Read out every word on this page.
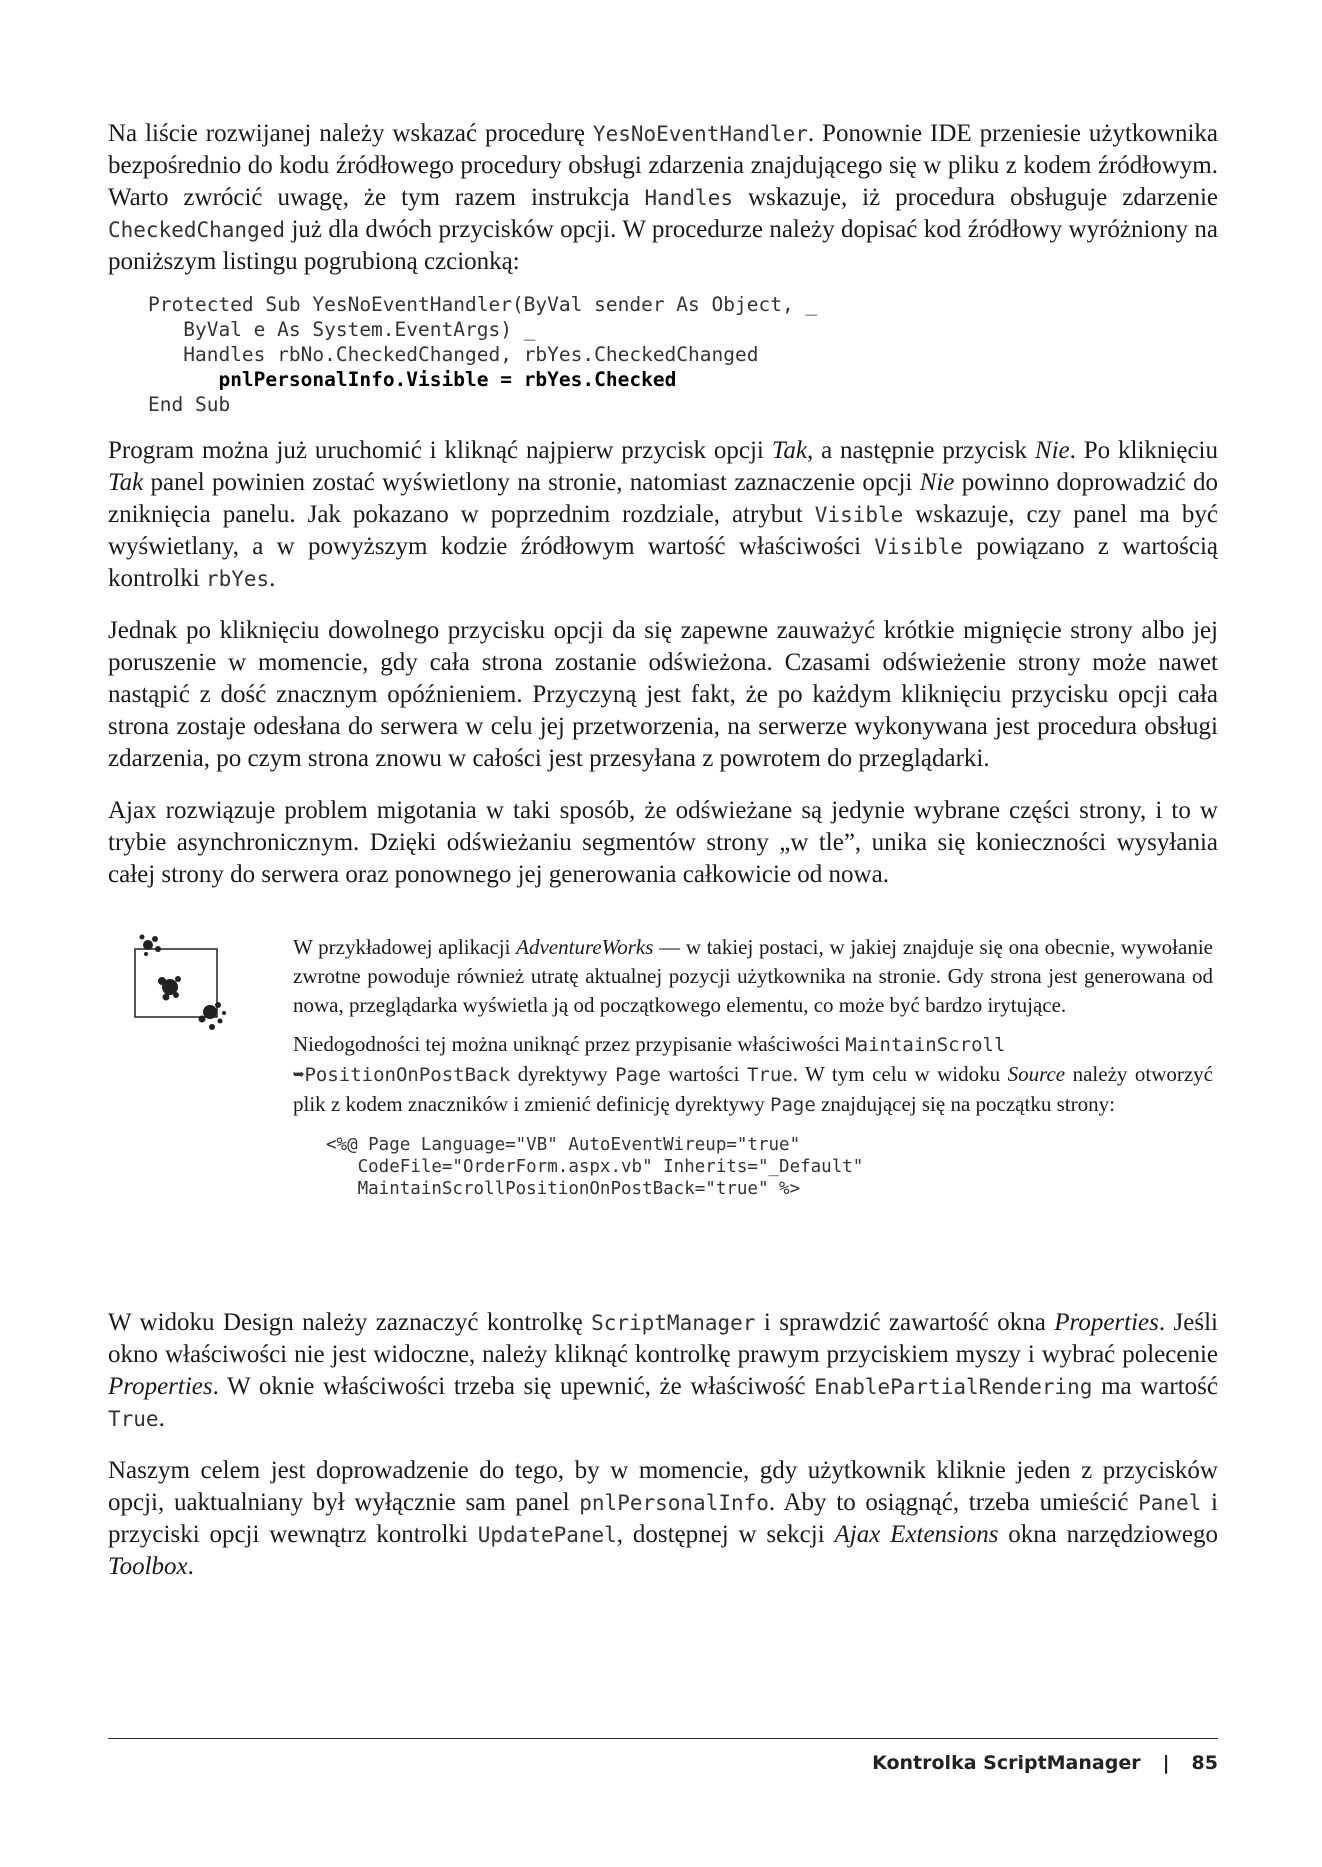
Na liście rozwijanej należy wskazać procedurę YesNoEventHandler. Ponownie IDE przeniesie użytkownika bezpośrednio do kodu źródłowego procedury obsługi zdarzenia znajdującego się w pliku z kodem źródłowym. Warto zwrócić uwagę, że tym razem instrukcja Handles wskazuje, iż procedura obsługuje zdarzenie CheckedChanged już dla dwóch przycisków opcji. W procedurze należy dopisać kod źródłowy wyróżniony na poniższym listingu pogrubioną czcionką:

Protected Sub YesNoEventHandler(ByVal sender As Object, _
ByVal e As System.EventArgs) _
Handles rbNo.CheckedChanged, rbYes.CheckedChanged
pnlPersonalInfo.Visible = rbYes.Checked
End Sub

Program można już uruchomić i kliknąć najpierw przycisk opcji Tak, a następnie przycisk Nie. Po kliknięciu Tak panel powinien zostać wyświetlony na stronie, natomiast zaznaczenie opcji Nie powinno doprowadzić do zniknięcia panelu. Jak pokazano w poprzednim rozdziale, atrybut Visible wskazuje, czy panel ma być wyświetlany, a w powyższym kodzie źródłowym wartość właściwości Visible powiązano z wartością kontrolki rbYes.

Jednak po kliknięciu dowolnego przycisku opcji da się zapewne zauważyć krótkie mignięcie strony albo jej poruszenie w momencie, gdy cała strona zostanie odświeżona. Czasami odświeżenie strony może nawet nastąpić z dość znacznym opóźnieniem. Przyczyną jest fakt, że po każdym kliknięciu przycisku opcji cała strona zostaje odesłana do serwera w celu jej przetworzenia, na serwerze wykonywana jest procedura obsługi zdarzenia, po czym strona znowu w całości jest przesyłana z powrotem do przeglądarki.

Ajax rozwiązuje problem migotania w taki sposób, że odświeżane są jedynie wybrane części strony, i to w trybie asynchronicznym. Dzięki odświeżaniu segmentów strony „w tle”, unika się konieczności wysyłania całej strony do serwera oraz ponownego jej generowania całkowicie od nowa.

W przykładowej aplikacji AdventureWorks — w takiej postaci, w jakiej znajduje się ona obecnie, wywołanie zwrotne powoduje również utratę aktualnej pozycji użytkownika na stronie. Gdy strona jest generowana od nowa, przeglądarka wyświetla ją od początkowego elementu, co może być bardzo irytujące.

Niedogodności tej można uniknąć przez przypisanie właściwości MaintainScroll
➥PositionOnPostBack dyrektywy Page wartości True. W tym celu w widoku Source należy otworzyć plik z kodem znaczników i zmienić definicję dyrektywy Page znajdującej się na początku strony:

<%@ Page Language="VB" AutoEventWireup="true"
CodeFile="OrderForm.aspx.vb" Inherits="_Default"
MaintainScrollPositionOnPostBack="true" %>

W widoku Design należy zaznaczyć kontrolkę ScriptManager i sprawdzić zawartość okna Properties. Jeśli okno właściwości nie jest widoczne, należy kliknąć kontrolkę prawym przyciskiem myszy i wybrać polecenie Properties. W oknie właściwości trzeba się upewnić, że właściwość EnablePartialRendering ma wartość True.

Naszym celem jest doprowadzenie do tego, by w momencie, gdy użytkownik kliknie jeden z przycisków opcji, uaktualniany był wyłącznie sam panel pnlPersonalInfo. Aby to osiągnąć, trzeba umieścić Panel i przyciski opcji wewnątrz kontrolki UpdatePanel, dostępnej w sekcji Ajax Extensions okna narzędziowego Toolbox.

Kontrolka ScriptManager | 85
